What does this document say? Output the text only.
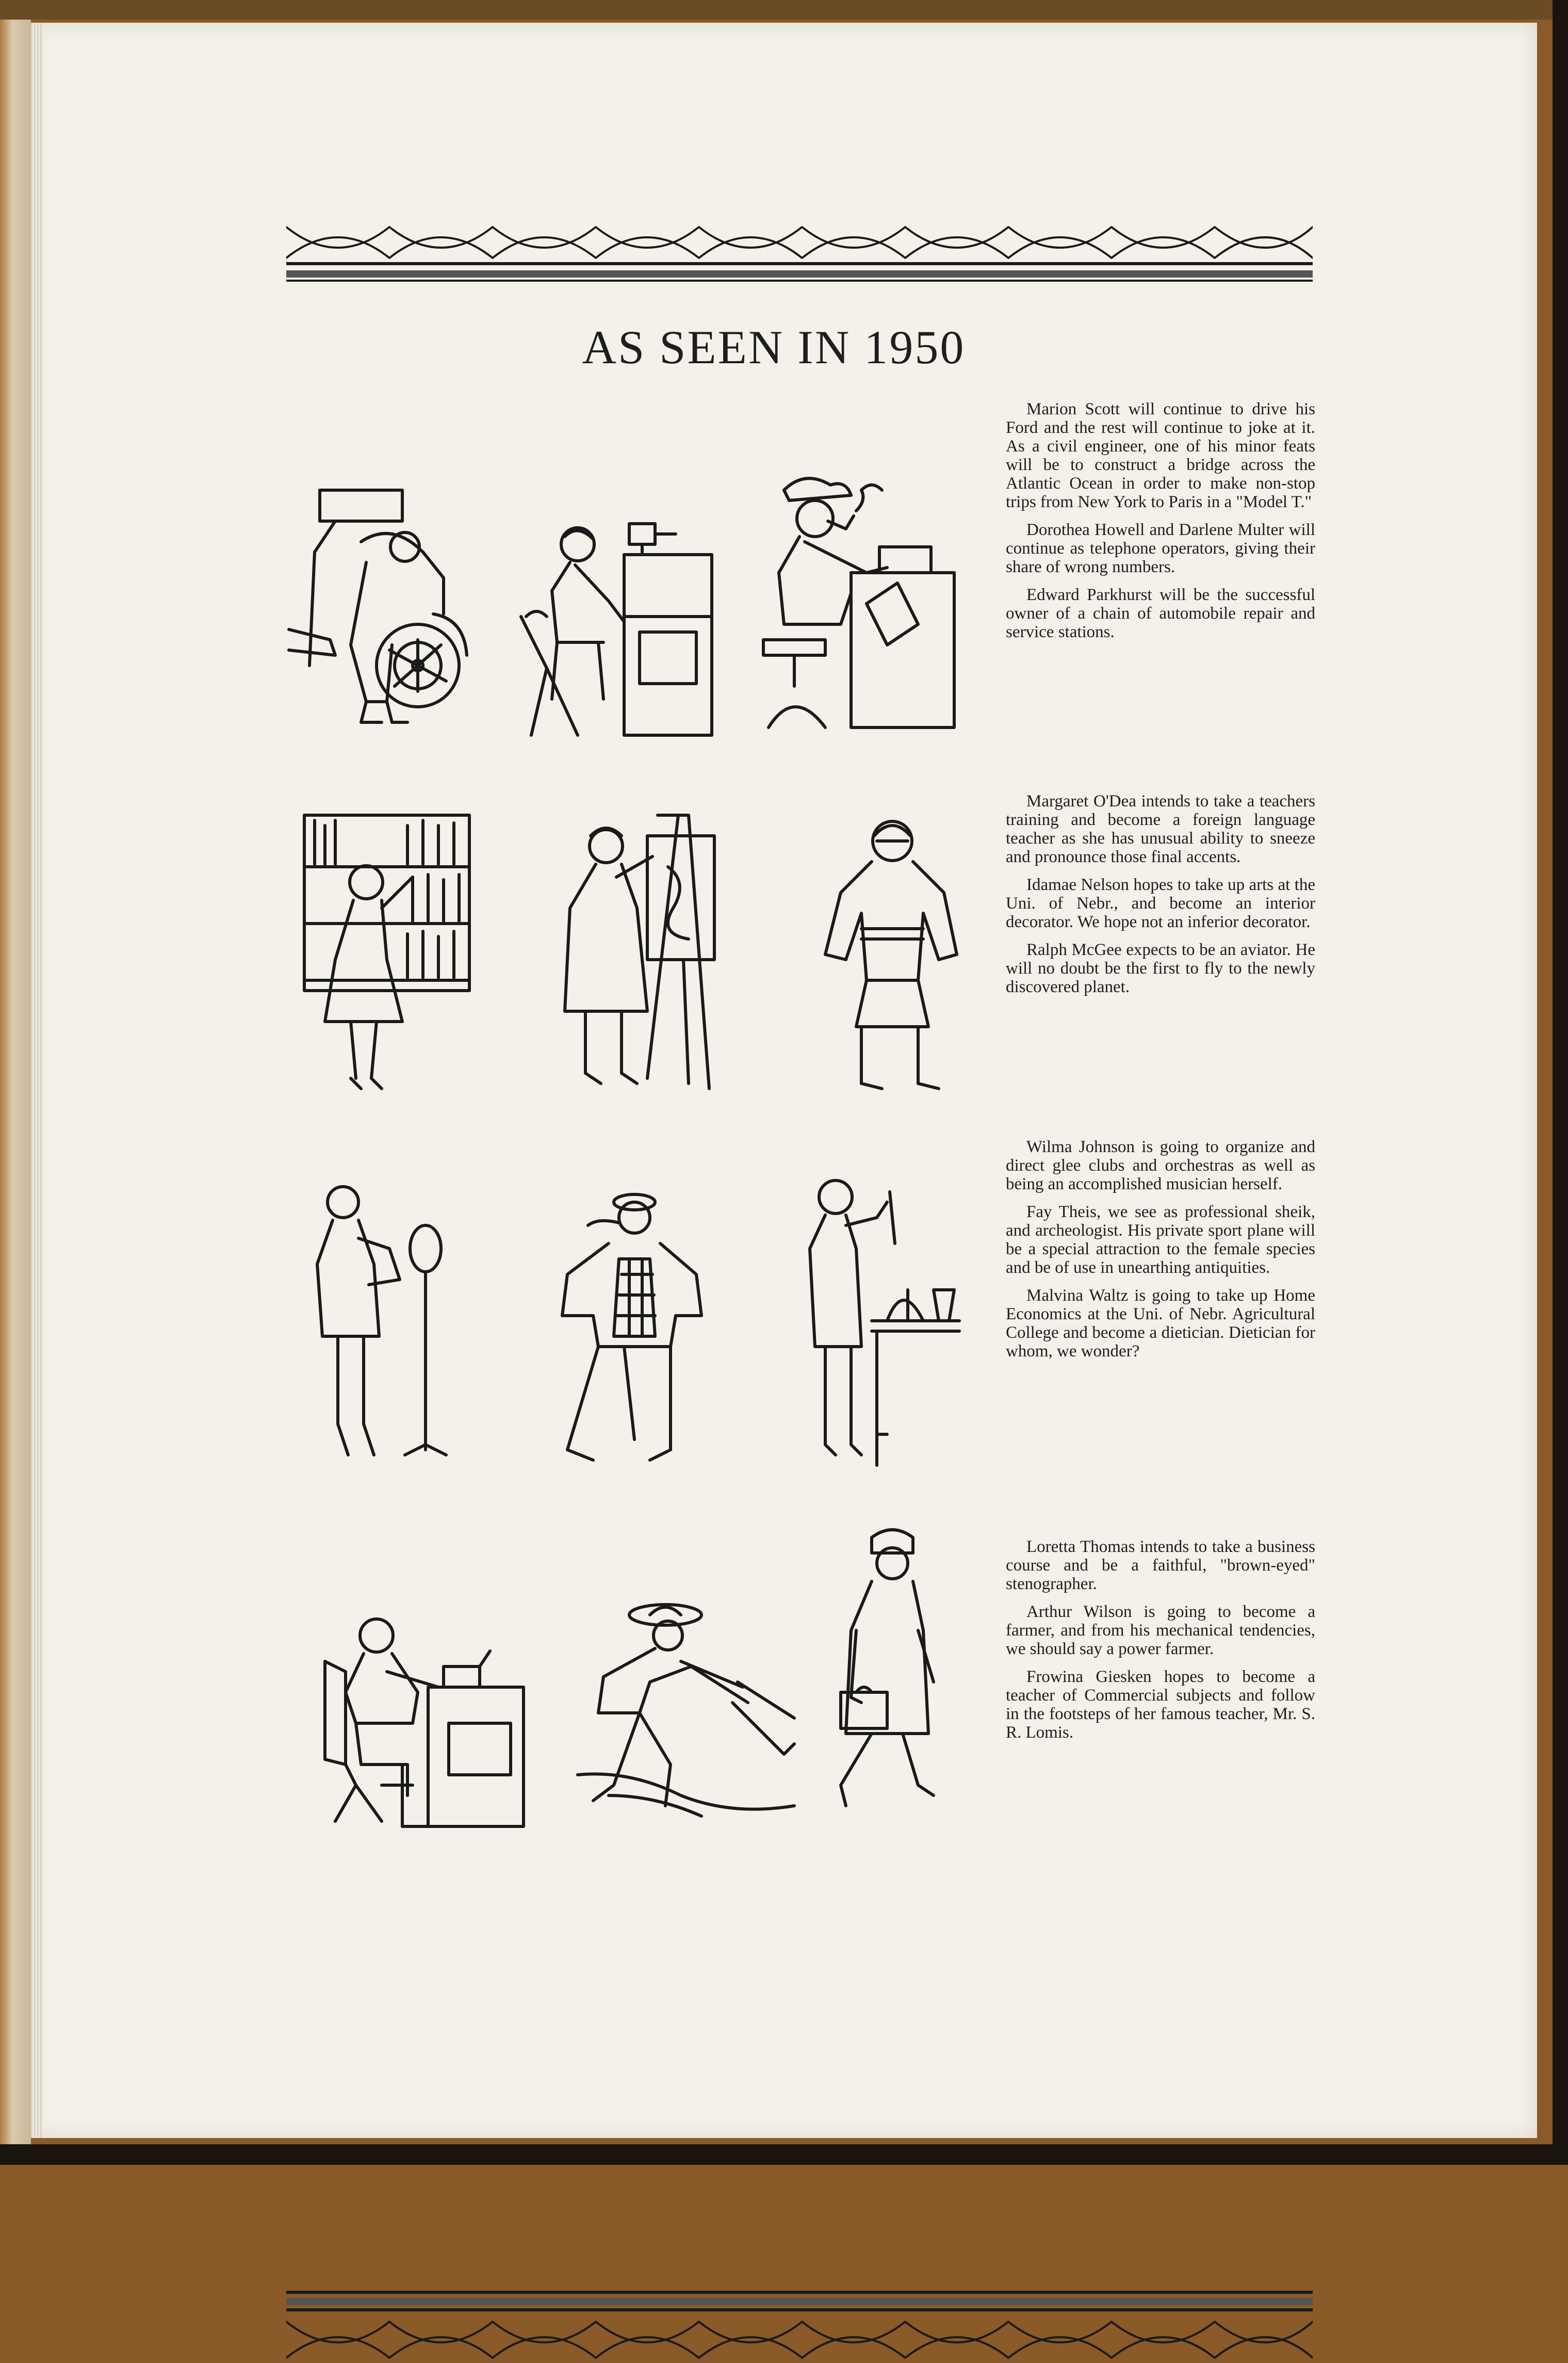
AS SEEN IN 1950

Marion Scott will continue to drive his Ford and the rest will continue to joke at it. As a civil engineer, one of his minor feats will be to construct a bridge across the Atlantic Ocean in order to make non-stop trips from New York to Paris in a "Model T."

Dorothea Howell and Darlene Multer will continue as telephone operators, giving their share of wrong numbers.

Edward Parkhurst will be the successful owner of a chain of automobile repair and service stations.

Margaret O'Dea intends to take a teachers training and become a foreign language teacher as she has unusual ability to sneeze and pronounce those final accents.

Idamae Nelson hopes to take up arts at the Uni. of Nebr., and become an interior decorator. We hope not an inferior decorator.

Ralph McGee expects to be an aviator. He will no doubt be the first to fly to the newly discovered planet.

Wilma Johnson is going to organize and direct glee clubs and orchestras as well as being an accomplished musician herself.

Fay Theis, we see as professional sheik, and archeologist. His private sport plane will be a special attraction to the female species and be of use in unearthing antiquities.

Malvina Waltz is going to take up Home Economics at the Uni. of Nebr. Agricultural College and become a dietician. Dietician for whom, we wonder?

Loretta Thomas intends to take a business course and be a faithful, "brown-eyed" stenographer.

Arthur Wilson is going to become a farmer, and from his mechanical tendencies, we should say a power farmer.

Frowina Giesken hopes to become a teacher of Commercial subjects and follow in the footsteps of her famous teacher, Mr. S. R. Lomis.
